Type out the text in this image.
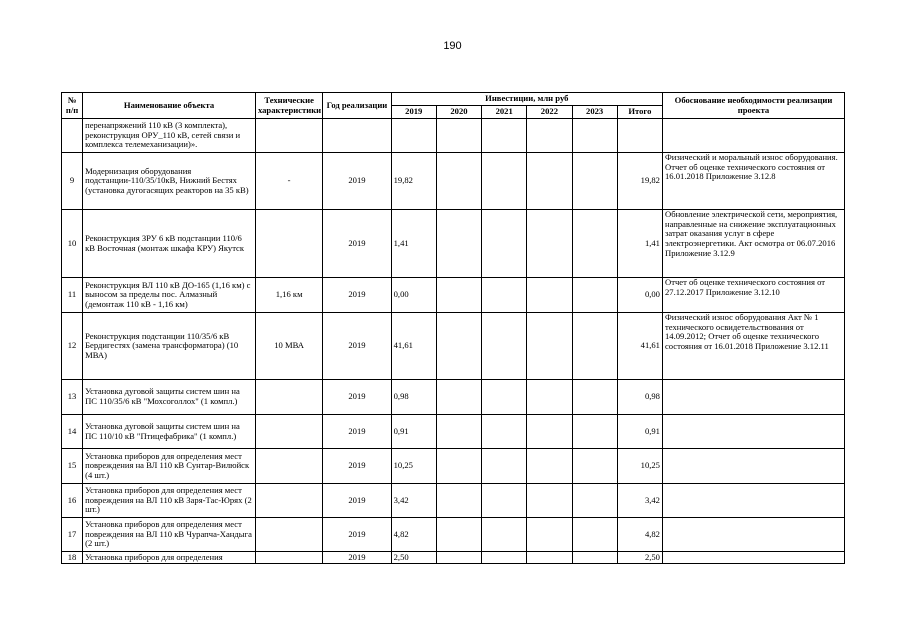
190
№ п/п	Наименование объекта	Технические характеристики	Год реализации	Инвестиции, млн руб						Обоснование необходимости реализации проекта
				2019	2020	2021	2022	2023	Итого	
	перенапряжений 110 кВ (3 комплекта), реконструкция ОРУ_110 кВ, сетей связи и комплекса телемеханизации)».									
9	Модернизация оборудования подстанции-110/35/10кВ, Нижний Бестях (установка дугогасящих реакторов на 35 кВ)	-	2019	19,82					19,82	Физический и моральный износ оборудования. Отчет об оценке технического состояния от 16.01.2018 Приложение 3.12.8
10	Реконструкция ЗРУ 6 кВ подстанции 110/6 кВ Восточная (монтаж шкафа КРУ) Якутск		2019	1,41					1,41	Обновление электрической сети, мероприятия, направленные на снижение эксплуатационных затрат оказания услуг в сфере электроэнергетики. Акт осмотра от 06.07.2016 Приложение 3.12.9
11	Реконструкция ВЛ 110 кВ ДО-165 (1,16 км) с выносом за пределы пос. Алмазный (демонтаж 110 кВ - 1,16 км)	1,16 км	2019	0,00					0,00	Отчет об оценке технического состояния от 27.12.2017 Приложение 3.12.10
12	Реконструкция подстанции 110/35/6 кВ Бердигестях (замена трансформатора) (10 МВА)	10 МВА	2019	41,61					41,61	Физический износ оборудования Акт № 1 технического освидетельствования от 14.09.2012; Отчет об оценке технического состояния от 16.01.2018 Приложение 3.12.11
13	Установка дуговой защиты систем шин на ПС 110/35/6 кВ "Мохсоголлох" (1 компл.)		2019	0,98					0,98	
14	Установка дуговой защиты систем шин на ПС 110/10 кВ "Птицефабрика" (1 компл.)		2019	0,91					0,91	
15	Установка приборов для определения мест повреждения на ВЛ 110 кВ Сунтар-Вилюйск (4 шт.)		2019	10,25					10,25	
16	Установка приборов для определения мест повреждения на ВЛ 110 кВ Заря-Тас-Юрях (2 шт.)		2019	3,42					3,42	
17	Установка приборов для определения мест повреждения на ВЛ 110 кВ Чурапча-Хандыга (2 шт.)		2019	4,82					4,82	
18	Установка приборов для определения		2019	2,50					2,50	
